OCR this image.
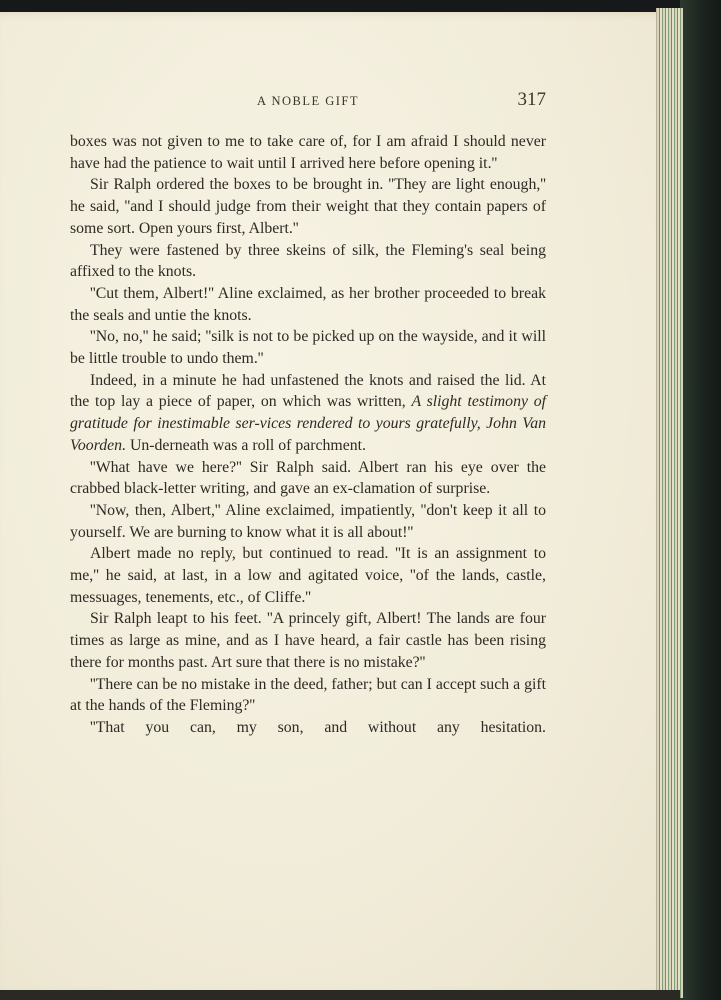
A NOBLE GIFT	317

boxes was not given to me to take care of, for I am afraid I should never have had the patience to wait until I arrived here before opening it.''

Sir Ralph ordered the boxes to be brought in. ''They are light enough,'' he said, ''and I should judge from their weight that they contain papers of some sort. Open yours first, Albert.''

They were fastened by three skeins of silk, the Fleming's seal being affixed to the knots.

''Cut them, Albert!'' Aline exclaimed, as her brother proceeded to break the seals and untie the knots.

''No, no,'' he said; ''silk is not to be picked up on the wayside, and it will be little trouble to undo them.''

Indeed, in a minute he had unfastened the knots and raised the lid. At the top lay a piece of paper, on which was written, A slight testimony of gratitude for inestimable ser-vices rendered to yours gratefully, John Van Voorden. Un-derneath was a roll of parchment.

''What have we here?'' Sir Ralph said. Albert ran his eye over the crabbed black-letter writing, and gave an ex-clamation of surprise.

''Now, then, Albert,'' Aline exclaimed, impatiently, ''don't keep it all to yourself. We are burning to know what it is all about!''

Albert made no reply, but continued to read. ''It is an assignment to me,'' he said, at last, in a low and agitated voice, ''of the lands, castle, messuages, tenements, etc., of Cliffe.''

Sir Ralph leapt to his feet. ''A princely gift, Albert! The lands are four times as large as mine, and as I have heard, a fair castle has been rising there for months past. Art sure that there is no mistake?''

''There can be no mistake in the deed, father; but can I accept such a gift at the hands of the Fleming?''

''That you can, my son, and without any hesitation.
